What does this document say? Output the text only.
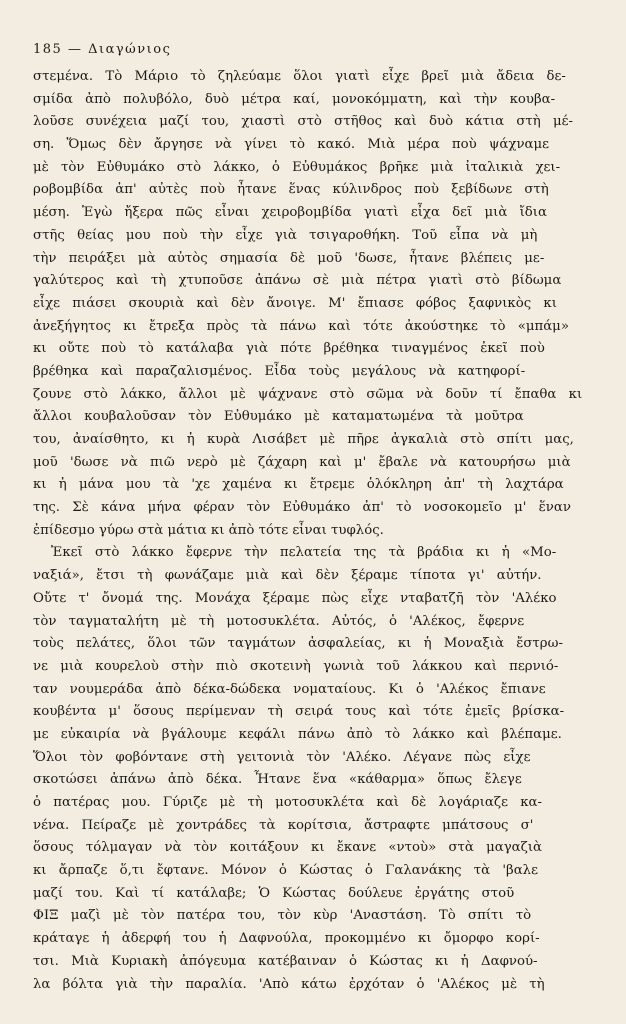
185 — Διαγώνιος
στεμένα. Τὸ Μάριο τὸ ζηλεύαμε ὅλοι γιατὶ εἶχε βρεῖ μιὰ ἄδεια δε-
σμίδα ἀπὸ πολυβόλο, δυὸ μέτρα καί, μονοκόμματη, καὶ τὴν κουβα-
λοῦσε συνέχεια μαζί του, χιαστὶ στὸ στῆθος καὶ δυὸ κάτια στὴ μέ-
ση. Ὅμως δὲν ἄργησε νὰ γίνει τὸ κακό. Μιὰ μέρα ποὺ ψάχναμε
μὲ τὸν Εὐθυμάκο στὸ λάκκο, ὁ Εὐθυμάκος βρῆκε μιὰ ἰταλικιὰ χει-
ροβομβίδα ἀπ' αὐτὲς ποὺ ἦτανε ἕνας κύλινδρος ποὺ ξεβίδωνε στὴ
μέση. Ἐγὼ ἤξερα πῶς εἶναι χειροβομβίδα γιατὶ εἶχα δεῖ μιὰ ἴδια
στῆς θείας μου ποὺ τὴν εἶχε γιὰ τσιγαροθήκη. Τοῦ εἶπα νὰ μὴ
τὴν πειράξει μὰ αὐτὸς σημασία δὲ μοῦ 'δωσε, ἦτανε βλέπεις με-
γαλύτερος καὶ τὴ χτυποῦσε ἀπάνω σὲ μιὰ πέτρα γιατὶ στὸ βίδωμα
εἶχε πιάσει σκουριὰ καὶ δὲν ἄνοιγε. Μ' ἔπιασε φόβος ξαφνικὸς κι
ἀνεξήγητος κι ἔτρεξα πρὸς τὰ πάνω καὶ τότε ἀκούστηκε τὸ «μπάμ»
κι οὔτε ποὺ τὸ κατάλαβα γιὰ πότε βρέθηκα τιναγμένος ἐκεῖ ποὺ
βρέθηκα καὶ παραζαλισμένος. Εἶδα τοὺς μεγάλους νὰ κατηφορί-
ζουνε στὸ λάκκο, ἄλλοι μὲ ψάχνανε στὸ σῶμα νὰ δοῦν τί ἔπαθα κι
ἄλλοι κουβαλοῦσαν τὸν Εὐθυμάκο μὲ καταματωμένα τὰ μοῦτρα
του, ἀναίσθητο, κι ἡ κυρὰ Λισάβετ μὲ πῆρε ἀγκαλιὰ στὸ σπίτι μας,
μοῦ 'δωσε νὰ πιῶ νερὸ μὲ ζάχαρη καὶ μ' ἔβαλε νὰ κατουρήσω μιὰ
κι ἡ μάνα μου τὰ 'χε χαμένα κι ἔτρεμε ὁλόκληρη ἀπ' τὴ λαχτάρα
της. Σὲ κάνα μήνα φέραν τὸν Εὐθυμάκο ἀπ' τὸ νοσοκομεῖο μ' ἕναν
ἐπίδεσμο γύρω στὰ μάτια κι ἀπὸ τότε εἶναι τυφλός.
Ἐκεῖ στὸ λάκκο ἔφερνε τὴν πελατεία της τὰ βράδια κι ἡ «Μο-
ναξιά», ἔτσι τὴ φωνάζαμε μιὰ καὶ δὲν ξέραμε τίποτα γι' αὐτήν.
Οὔτε τ' ὄνομά της. Μονάχα ξέραμε πὼς εἶχε νταβατζῆ τὸν 'Αλέκο
τὸν ταγματαλήτη μὲ τὴ μοτοσυκλέτα. Αὐτός, ὁ 'Αλέκος, ἔφερνε
τοὺς πελάτες, ὅλοι τῶν ταγμάτων ἀσφαλείας, κι ἡ Μοναξιὰ ἔστρω-
νε μιὰ κουρελοὺ στὴν πιὸ σκοτεινὴ γωνιὰ τοῦ λάκκου καὶ περνιό-
ταν νουμεράδα ἀπὸ δέκα-δώδεκα νοματαίους. Κι ὁ 'Αλέκος ἔπιανε
κουβέντα μ' ὅσους περίμεναν τὴ σειρά τους καὶ τότε ἐμεῖς βρίσκα-
με εὐκαιρία νὰ βγάλουμε κεφάλι πάνω ἀπὸ τὸ λάκκο καὶ βλέπαμε.
Ὅλοι τὸν φοβόντανε στὴ γειτονιὰ τὸν 'Αλέκο. Λέγανε πὼς εἶχε
σκοτώσει ἀπάνω ἀπὸ δέκα. Ἦτανε ἕνα «κάθαρμα» ὅπως ἔλεγε
ὁ πατέρας μου. Γύριζε μὲ τὴ μοτοσυκλέτα καὶ δὲ λογάριαζε κα-
νένα. Πείραζε μὲ χοντράδες τὰ κορίτσια, ἄστραφτε μπάτσους σ'
ὅσους τόλμαγαν νὰ τὸν κοιτάξουν κι ἔκανε «ντοὺ» στὰ μαγαζιὰ
κι ἄρπαζε ὅ,τι ἔφτανε. Μόνον ὁ Κώστας ὁ Γαλανάκης τὰ 'βαλε
μαζί του. Καὶ τί κατάλαβε; Ὁ Κώστας δούλευε ἐργάτης στοῦ
ΦΙΞ μαζὶ μὲ τὸν πατέρα του, τὸν κὺρ 'Αναστάση. Τὸ σπίτι τὸ
κράταγε ἡ ἀδερφή του ἡ Δαφνούλα, προκομμένο κι ὄμορφο κορί-
τσι. Μιὰ Κυριακὴ ἀπόγευμα κατέβαιναν ὁ Κώστας κι ἡ Δαφνού-
λα βόλτα γιὰ τὴν παραλία. 'Απὸ κάτω ἐρχόταν ὁ 'Αλέκος μὲ τὴ
